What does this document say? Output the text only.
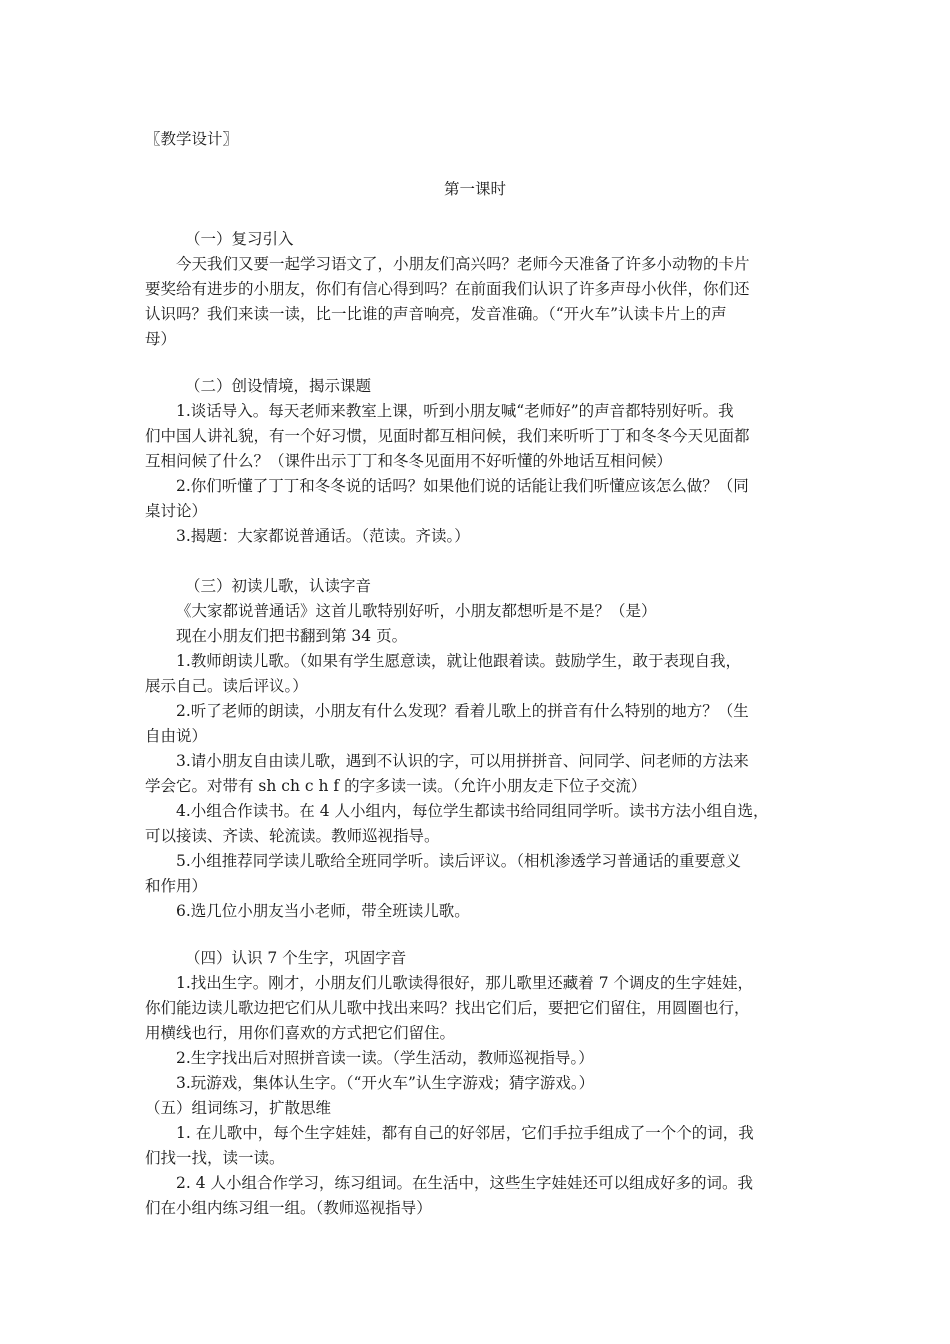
〖教学设计〗
第一课时
（一）复习引入
今天我们又要一起学习语文了，小朋友们高兴吗？老师今天准备了许多小动物的卡片
要奖给有进步的小朋友，你们有信心得到吗？在前面我们认识了许多声母小伙伴，你们还
认识吗？我们来读一读，比一比谁的声音响亮，发音准确。（“开火车”认读卡片上的声
母）
（二）创设情境，揭示课题
1.谈话导入。每天老师来教室上课，听到小朋友喊“老师好”的声音都特别好听。我
们中国人讲礼貌，有一个好习惯，见面时都互相问候，我们来听听丁丁和冬冬今天见面都
互相问候了什么？（课件出示丁丁和冬冬见面用不好听懂的外地话互相问候）
2.你们听懂了丁丁和冬冬说的话吗？如果他们说的话能让我们听懂应该怎么做？（同
桌讨论）
3.揭题：大家都说普通话。（范读。齐读。）
（三）初读儿歌，认读字音
《大家都说普通话》这首儿歌特别好听，小朋友都想听是不是？（是）
现在小朋友们把书翻到第 34 页。
1.教师朗读儿歌。（如果有学生愿意读，就让他跟着读。鼓励学生，敢于表现自我，
展示自己。读后评议。）
2.听了老师的朗读，小朋友有什么发现？看着儿歌上的拼音有什么特别的地方？（生
自由说）
3.请小朋友自由读儿歌，遇到不认识的字，可以用拼拼音、问同学、问老师的方法来
学会它。对带有 sh ch c h f 的字多读一读。（允许小朋友走下位子交流）
4.小组合作读书。在 4 人小组内，每位学生都读书给同组同学听。读书方法小组自选，
可以接读、齐读、轮流读。教师巡视指导。
5.小组推荐同学读儿歌给全班同学听。读后评议。（相机渗透学习普通话的重要意义
和作用）
6.选几位小朋友当小老师，带全班读儿歌。
（四）认识 7 个生字，巩固字音
1.找出生字。刚才，小朋友们儿歌读得很好，那儿歌里还藏着 7 个调皮的生字娃娃，
你们能边读儿歌边把它们从儿歌中找出来吗？找出它们后，要把它们留住，用圆圈也行，
用横线也行，用你们喜欢的方式把它们留住。
2.生字找出后对照拼音读一读。（学生活动，教师巡视指导。）
3.玩游戏，集体认生字。（“开火车”认生字游戏；猜字游戏。）
（五）组词练习，扩散思维
1. 在儿歌中，每个生字娃娃，都有自己的好邻居，它们手拉手组成了一个个的词，我
们找一找，读一读。
2. 4 人小组合作学习，练习组词。在生活中，这些生字娃娃还可以组成好多的词。我
们在小组内练习组一组。（教师巡视指导）
